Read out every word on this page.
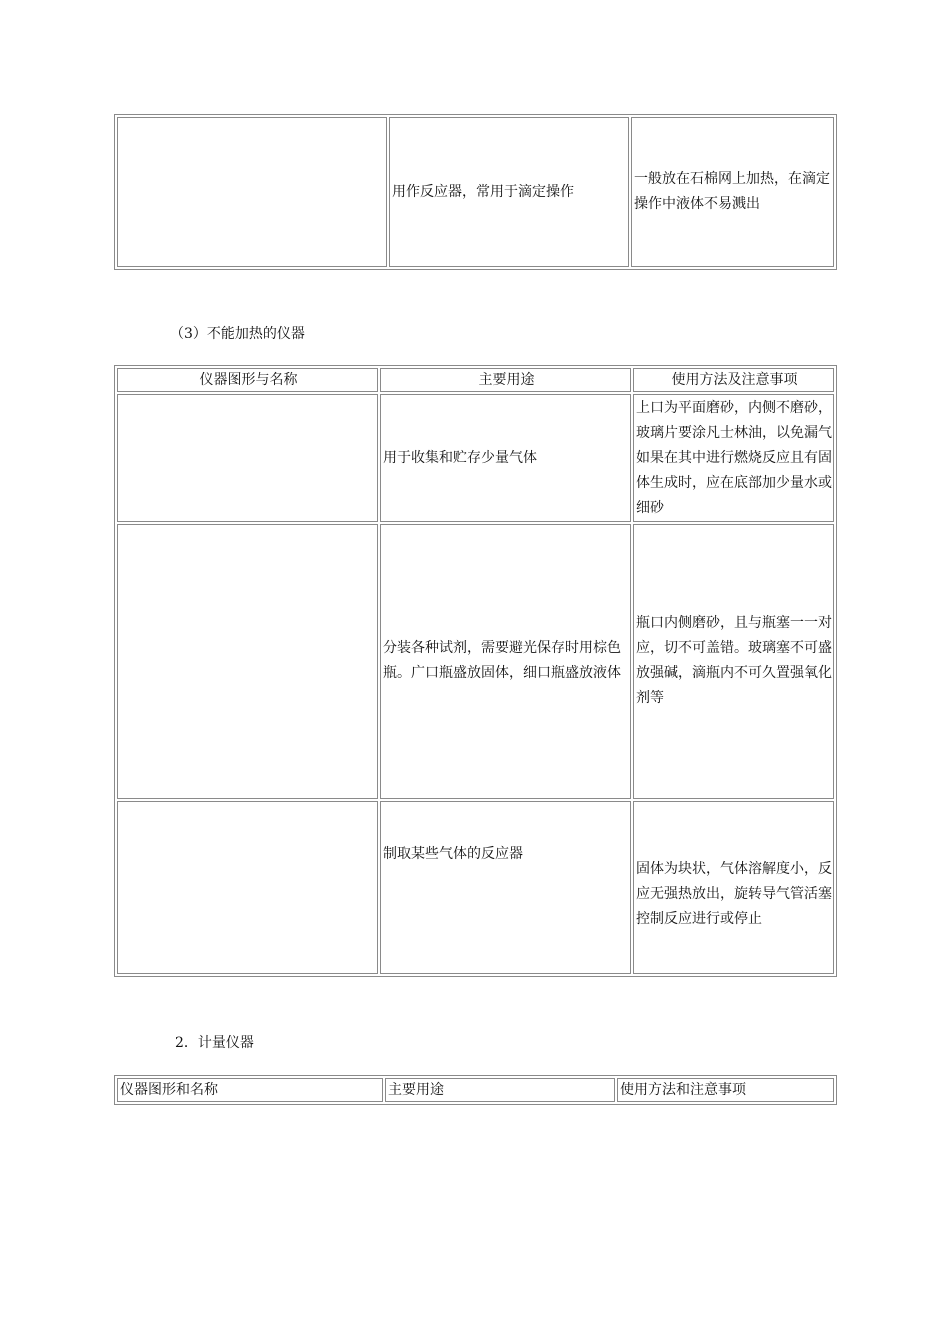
	用作反应器，常用于滴定操作	一般放在石棉网上加热，在滴定操作中液体不易溅出
（3）不能加热的仪器
仪器图形与名称	主要用途	使用方法及注意事项
	用于收集和贮存少量气体	上口为平面磨砂，内侧不磨砂，玻璃片要涂凡士林油，以免漏气如果在其中进行燃烧反应且有固体生成时，应在底部加少量水或细砂
	分装各种试剂，需要避光保存时用棕色瓶。广口瓶盛放固体，细口瓶盛放液体	瓶口内侧磨砂，且与瓶塞一一对应，切不可盖错。玻璃塞不可盛放强碱，滴瓶内不可久置强氧化剂等
	制取某些气体的反应器	固体为块状，气体溶解度小，反应无强热放出，旋转导气管活塞控制反应进行或停止
2．计量仪器
仪器图形和名称	主要用途	使用方法和注意事项
